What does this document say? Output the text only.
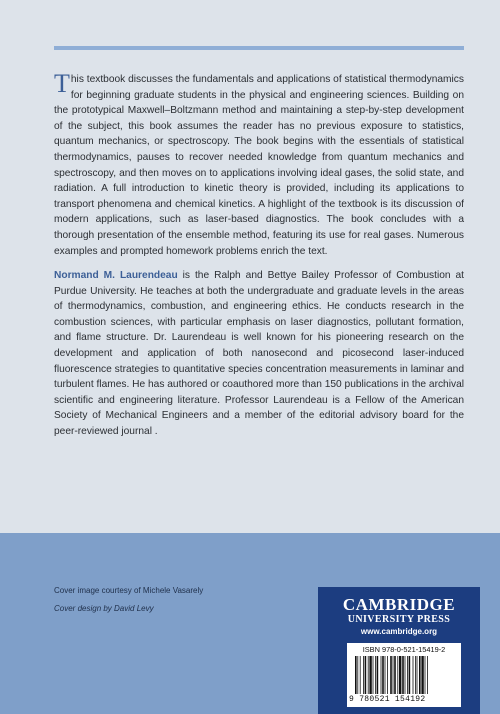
This textbook discusses the fundamentals and applications of statistical thermodynamics for beginning graduate students in the physical and engineering sciences. Building on the prototypical Maxwell–Boltzmann method and maintaining a step-by-step development of the subject, this book assumes the reader has no previous exposure to statistics, quantum mechanics, or spectroscopy. The book begins with the essentials of statistical thermodynamics, pauses to recover needed knowledge from quantum mechanics and spectroscopy, and then moves on to applications involving ideal gases, the solid state, and radiation. A full introduction to kinetic theory is provided, including its applications to transport phenomena and chemical kinetics. A highlight of the textbook is its discussion of modern applications, such as laser-based diagnostics. The book concludes with a thorough presentation of the ensemble method, featuring its use for real gases. Numerous examples and prompted homework problems enrich the text.

Normand M. Laurendeau is the Ralph and Bettye Bailey Professor of Combustion at Purdue University. He teaches at both the undergraduate and graduate levels in the areas of thermodynamics, combustion, and engineering ethics. He conducts research in the combustion sciences, with particular emphasis on laser diagnostics, pollutant formation, and flame structure. Dr. Laurendeau is well known for his pioneering research on the development and application of both nanosecond and picosecond laser-induced fluorescence strategies to quantitative species concentration measurements in laminar and turbulent flames. He has authored or coauthored more than 150 publications in the archival scientific and engineering literature. Professor Laurendeau is a Fellow of the American Society of Mechanical Engineers and a member of the editorial advisory board for the peer-reviewed journal .

Cover image courtesy of Michele Vasarely
Cover design by David Levy	CAMBRIDGE
UNIVERSITY PRESS
www.cambridge.org
ISBN 978-0-521-15419-2
9 780521 154192
